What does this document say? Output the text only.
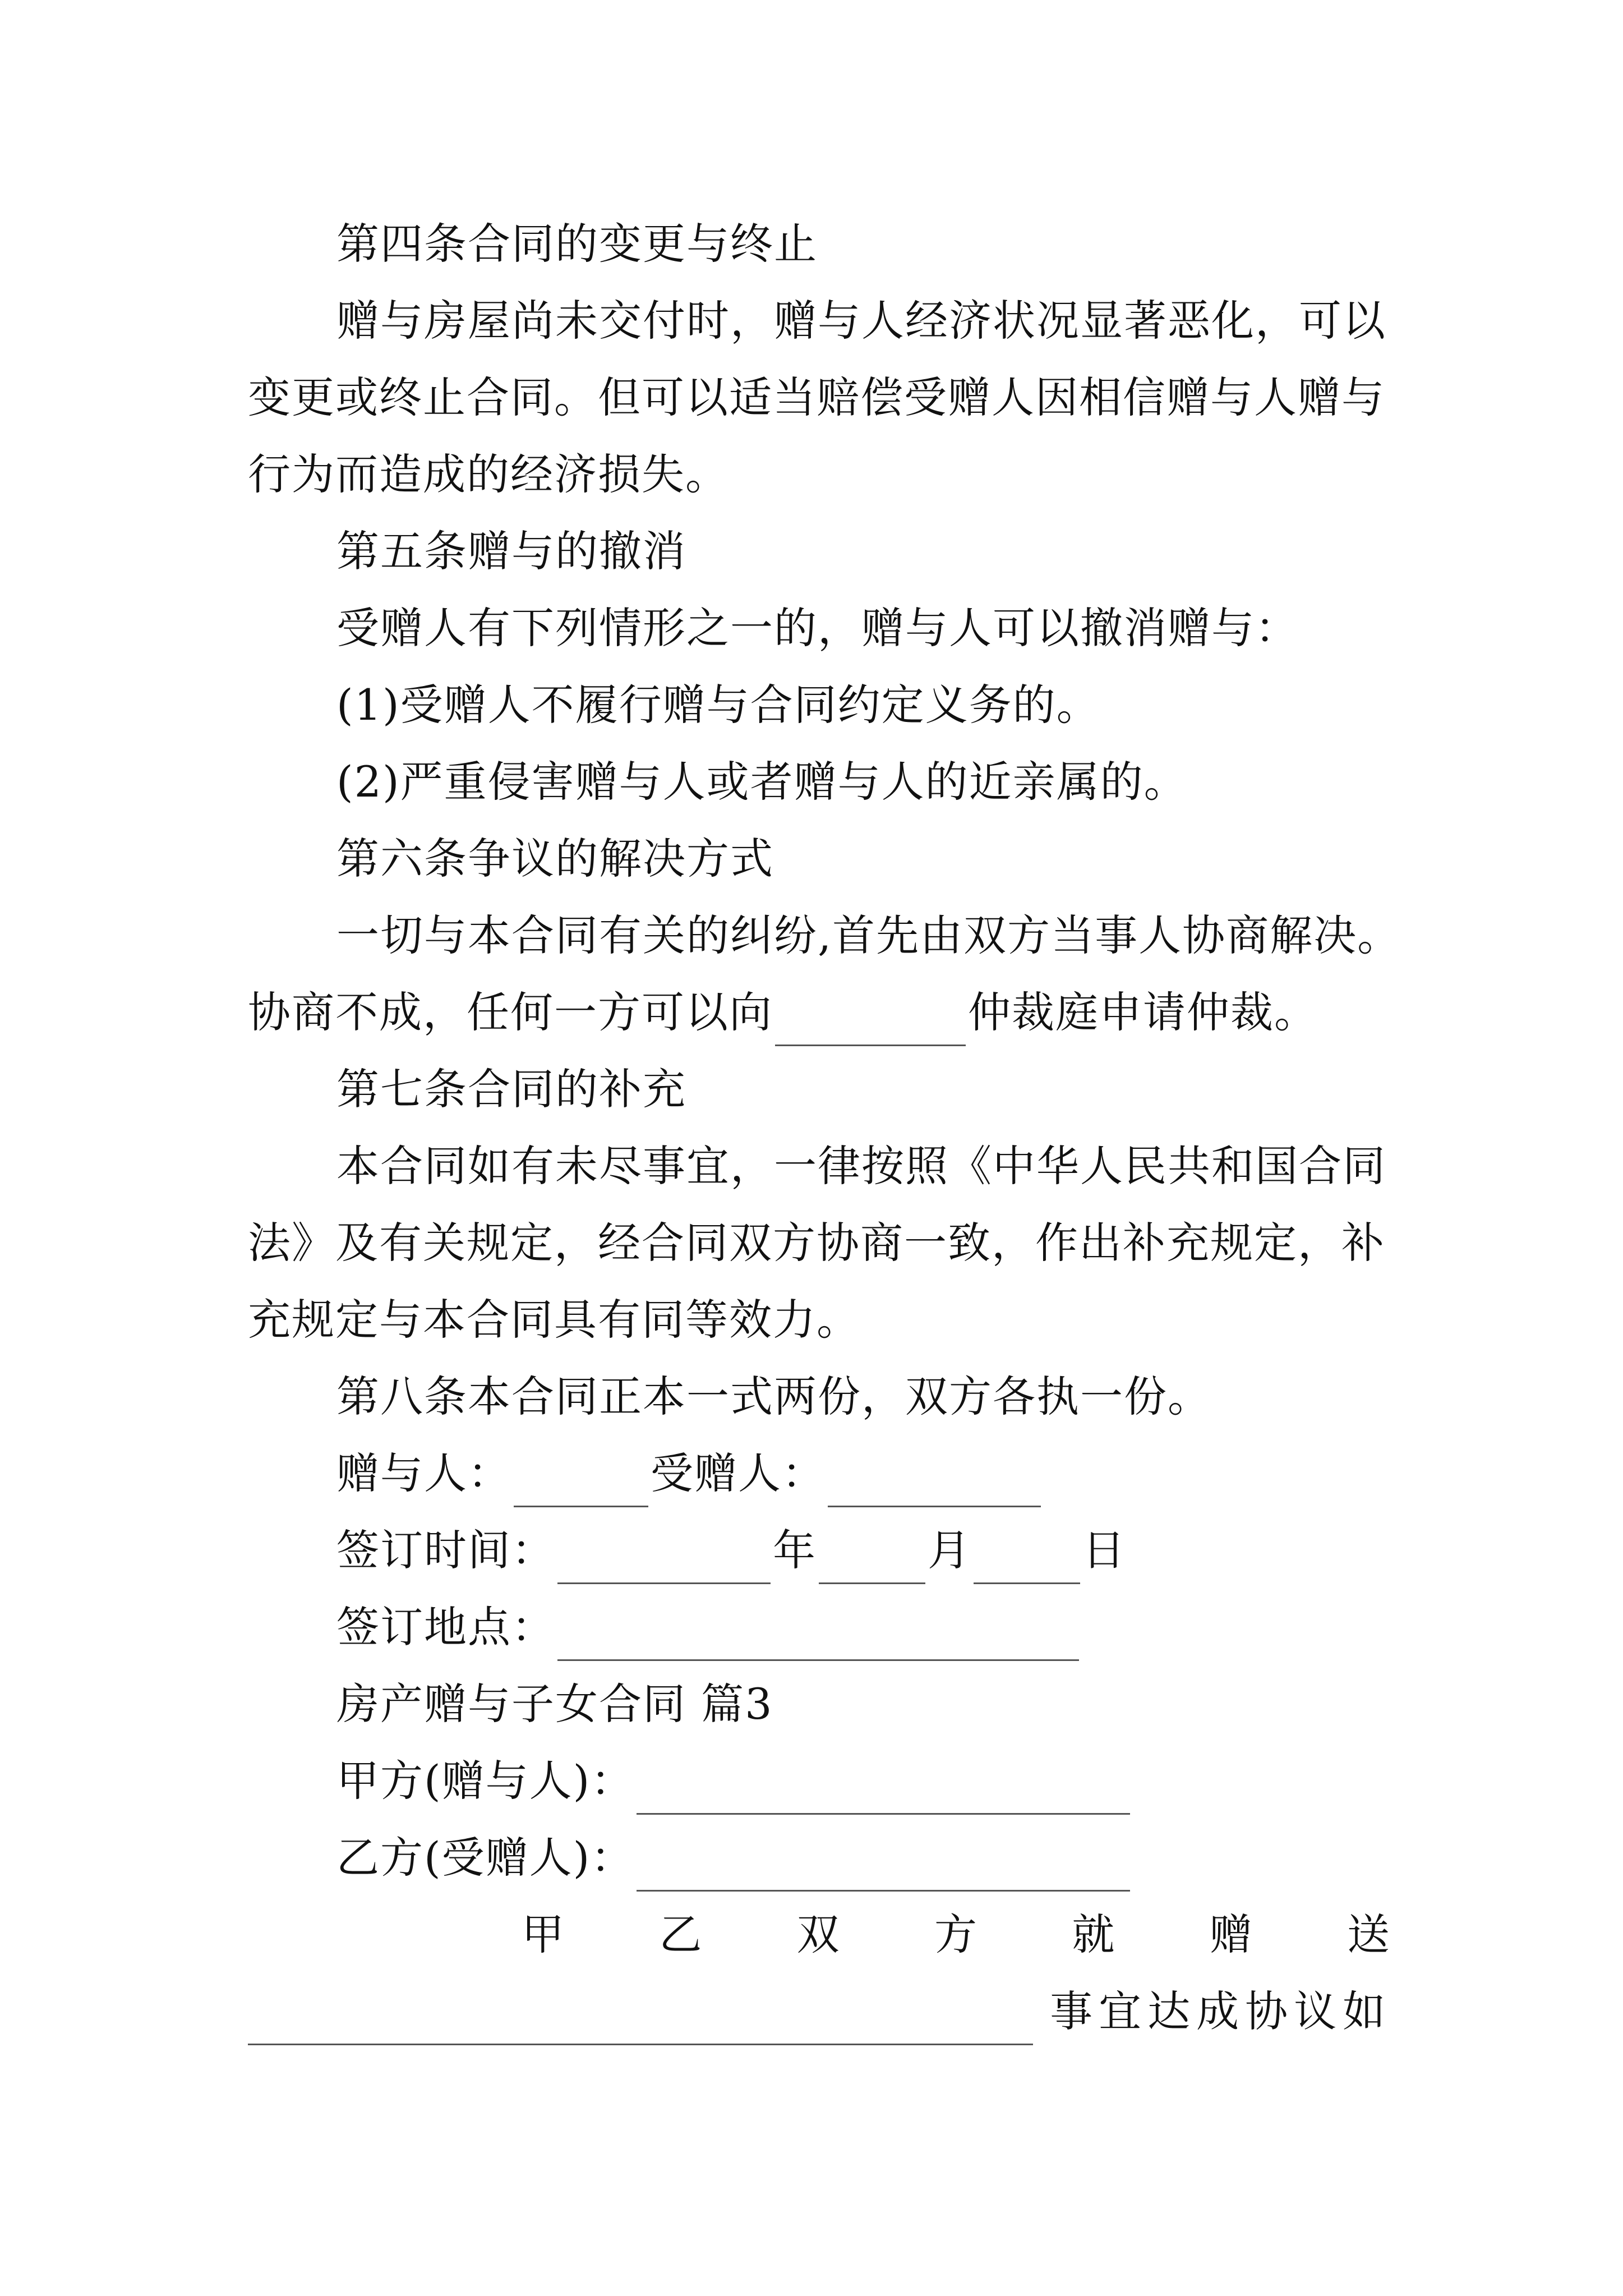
第四条合同的变更与终止
赠与房屋尚未交付时，赠与人经济状况显著恶化，可以
变更或终止合同。但可以适当赔偿受赠人因相信赠与人赠与
行为而造成的经济损失。
第五条赠与的撤消
受赠人有下列情形之一的，赠与人可以撤消赠与：
(1)受赠人不履行赠与合同约定义务的。
(2)严重侵害赠与人或者赠与人的近亲属的。
第六条争议的解决方式
一切与本合同有关的纠纷,首先由双方当事人协商解决。
协商不成，任何一方可以向	仲裁庭申请仲裁。
第七条合同的补充
本合同如有未尽事宜，一律按照《中华人民共和国合同
法》及有关规定，经合同双方协商一致，作出补充规定，补
充规定与本合同具有同等效力。
第八条本合同正本一式两份，双方各执一份。
赠与人：	受赠人：
签订时间：	年	月	日
签订地点：
房产赠与子女合同 篇3
甲方(赠与人)：
乙方(受赠人)：
甲 乙 双 方 就 赠 送

事 宜 达 成 协 议 如
